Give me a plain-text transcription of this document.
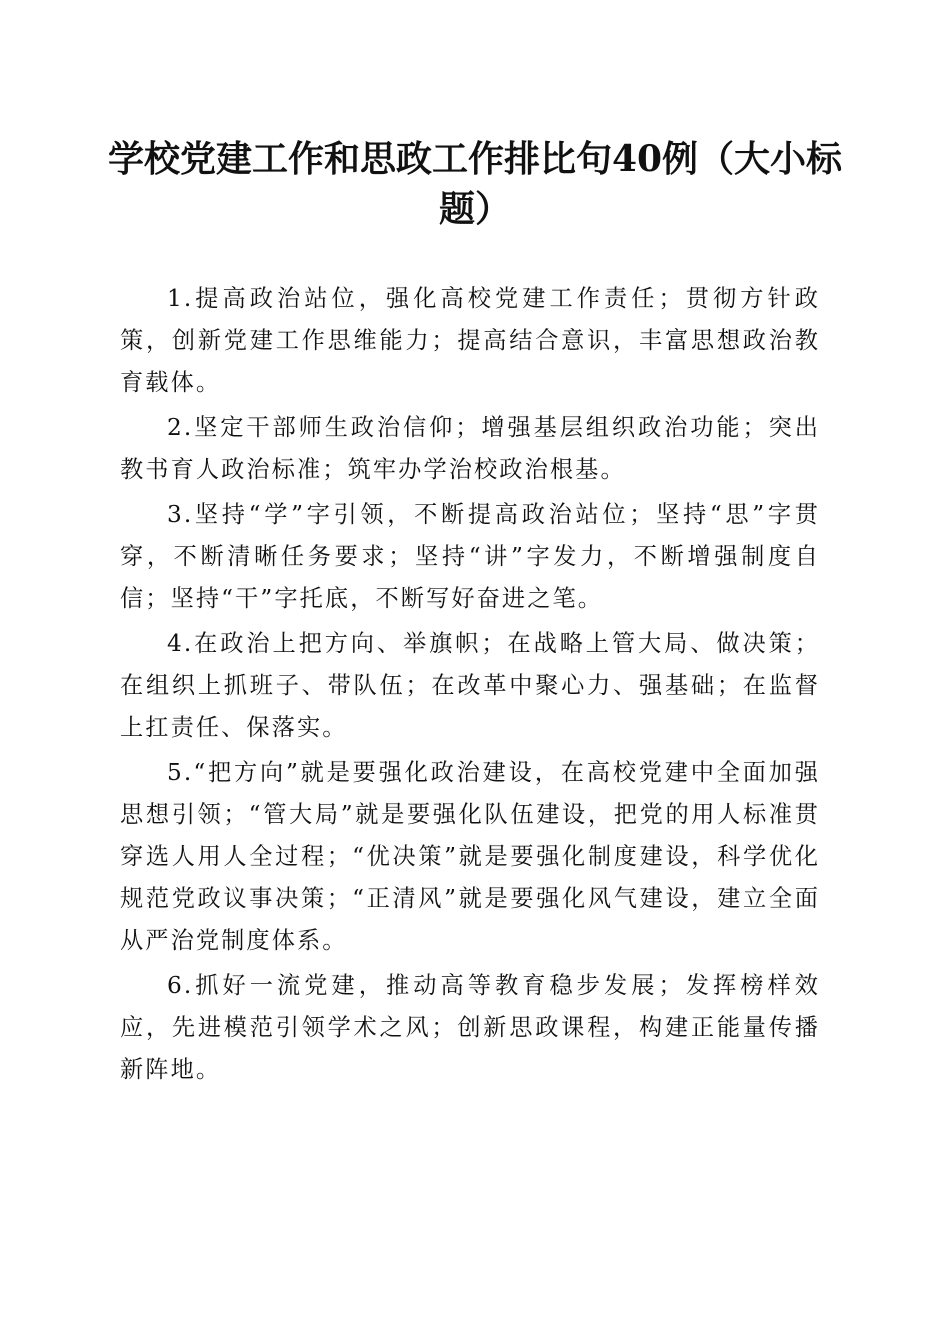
学校党建工作和思政工作排比句40例（大小标题）

1.提高政治站位，强化高校党建工作责任；贯彻方针政策，创新党建工作思维能力；提高结合意识，丰富思想政治教育载体。

2.坚定干部师生政治信仰；增强基层组织政治功能；突出教书育人政治标准；筑牢办学治校政治根基。

3.坚持“学”字引领，不断提高政治站位；坚持“思”字贯穿，不断清晰任务要求；坚持“讲”字发力，不断增强制度自信；坚持“干”字托底，不断写好奋进之笔。

4.在政治上把方向、举旗帜；在战略上管大局、做决策；在组织上抓班子、带队伍；在改革中聚心力、强基础；在监督上扛责任、保落实。

5.“把方向”就是要强化政治建设，在高校党建中全面加强思想引领；“管大局”就是要强化队伍建设，把党的用人标准贯穿选人用人全过程；“优决策”就是要强化制度建设，科学优化规范党政议事决策；“正清风”就是要强化风气建设，建立全面从严治党制度体系。

6.抓好一流党建，推动高等教育稳步发展；发挥榜样效应，先进模范引领学术之风；创新思政课程，构建正能量传播新阵地。
